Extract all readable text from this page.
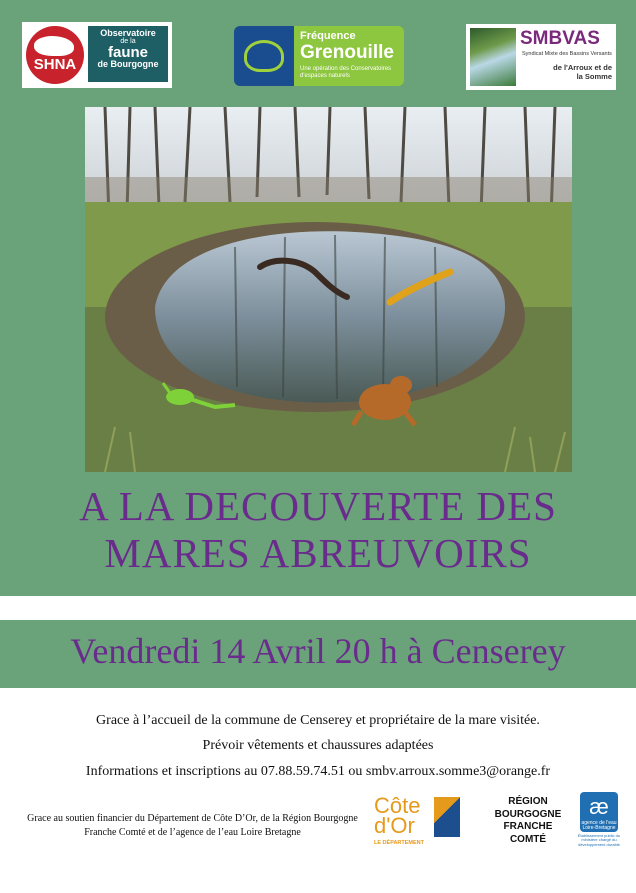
SHNA
Observatoire
de la
faune
de Bourgogne
Fréquence
Grenouille
Une opération des Conservatoires d'espaces naturels
SMBVAS
Syndicat Mixte des Bassins Versants
de l'Arroux et de la Somme
A LA DECOUVERTE DES
MARES ABREUVOIRS
Vendredi 14 Avril 20 h à Censerey
Grace à l’accueil de la commune de Censerey et propriétaire de la mare visitée.
Prévoir vêtements et chaussures adaptées
Informations et inscriptions au 07.88.59.74.51 ou smbv.arroux.somme3@orange.fr
Grace au soutien financier du Département de Côte D’Or, de la Région Bourgogne Franche Comté et de l’agence de l’eau Loire Bretagne
Côte
d'Or
LE DÉPARTEMENT
RÉGION
BOURGOGNE
FRANCHE
COMTÉ
æ
agence de l'eau Loire-Bretagne
Établissement public du ministère chargé du développement durable
